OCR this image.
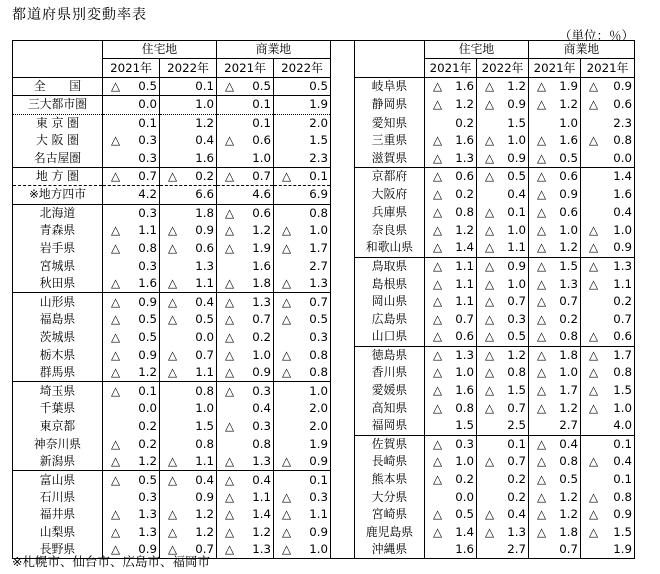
都道府県別変動率表
（単位：％）
	住宅地		商業地				住宅地		商業地	
	2021年	2022年	2021年	2022年			2021年	2022年	2021年	2021年
全　　国	△ 0.5	0.1	△ 0.5	0.5		岐阜県	△ 1.6	△ 1.2	△ 1.9	△ 0.9
三大都市圏	0.0	1.0	0.1	1.9		静岡県	△ 1.2	△ 0.9	△ 1.2	△ 0.6
東 京 圏	0.1	1.2	0.1	2.0		愛知県	0.2	1.5	1.0	2.3
大 阪 圏	△ 0.3	0.4	△ 0.6	1.5		三重県	△ 1.6	△ 1.0	△ 1.6	△ 0.8
名古屋圏	0.3	1.6	1.0	2.3		滋賀県	△ 1.3	△ 0.9	△ 0.5	0.0
地 方 圏	△ 0.7	△ 0.2	△ 0.7	△ 0.1		京都府	△ 0.6	△ 0.5	△ 0.6	1.4
※地方四市	4.2	6.6	4.6	6.9		大阪府	△ 0.2	0.4	△ 0.9	1.6
北海道	0.3	1.8	△ 0.6	0.8		兵庫県	△ 0.8	△ 0.1	△ 0.6	0.4
青森県	△ 1.1	△ 0.9	△ 1.2	△ 1.0		奈良県	△ 1.2	△ 1.0	△ 1.0	△ 1.0
岩手県	△ 0.8	△ 0.6	△ 1.9	△ 1.7		和歌山県	△ 1.4	△ 1.1	△ 1.2	△ 0.9
宮城県	0.3	1.3	1.6	2.7		鳥取県	△ 1.1	△ 0.9	△ 1.5	△ 1.3
秋田県	△ 1.6	△ 1.1	△ 1.8	△ 1.3		島根県	△ 1.1	△ 1.0	△ 1.3	△ 1.1
山形県	△ 0.9	△ 0.4	△ 1.3	△ 0.7		岡山県	△ 1.1	△ 0.7	△ 0.7	0.2
福島県	△ 0.5	△ 0.5	△ 0.7	△ 0.5		広島県	△ 0.7	△ 0.3	△ 0.2	0.7
茨城県	△ 0.5	0.0	△ 0.2	0.3		山口県	△ 0.6	△ 0.5	△ 0.8	△ 0.6
栃木県	△ 0.9	△ 0.7	△ 1.0	△ 0.8		徳島県	△ 1.3	△ 1.2	△ 1.8	△ 1.7
群馬県	△ 1.2	△ 1.1	△ 0.9	△ 0.8		香川県	△ 1.0	△ 0.8	△ 1.0	△ 0.8
埼玉県	△ 0.1	0.8	△ 0.3	1.0		愛媛県	△ 1.6	△ 1.5	△ 1.7	△ 1.5
千葉県	0.0	1.0	0.4	2.0		高知県	△ 0.8	△ 0.7	△ 1.2	△ 1.0
東京都	0.2	1.5	△ 0.3	2.0		福岡県	1.5	2.5	2.7	4.0
神奈川県	△ 0.2	0.8	0.8	1.9		佐賀県	△ 0.3	0.1	△ 0.4	0.1
新潟県	△ 1.2	△ 1.1	△ 1.3	△ 0.9		長崎県	△ 1.0	△ 0.7	△ 0.8	△ 0.4
富山県	△ 0.5	△ 0.4	△ 0.4	0.1		熊本県	△ 0.2	0.2	△ 0.5	0.1
石川県	0.3	0.9	△ 1.1	△ 0.3		大分県	0.0	0.2	△ 1.2	△ 0.8
福井県	△ 1.3	△ 1.2	△ 1.4	△ 1.1		宮崎県	△ 0.5	△ 0.4	△ 1.2	△ 0.9
山梨県	△ 1.3	△ 1.2	△ 1.2	△ 0.9		鹿児島県	△ 1.4	△ 1.3	△ 1.8	△ 1.5
長野県	△ 0.9	△ 0.7	△ 1.3	△ 1.0		沖縄県	1.6	2.7	0.7	1.9
※札幌市、仙台市、広島市、福岡市
